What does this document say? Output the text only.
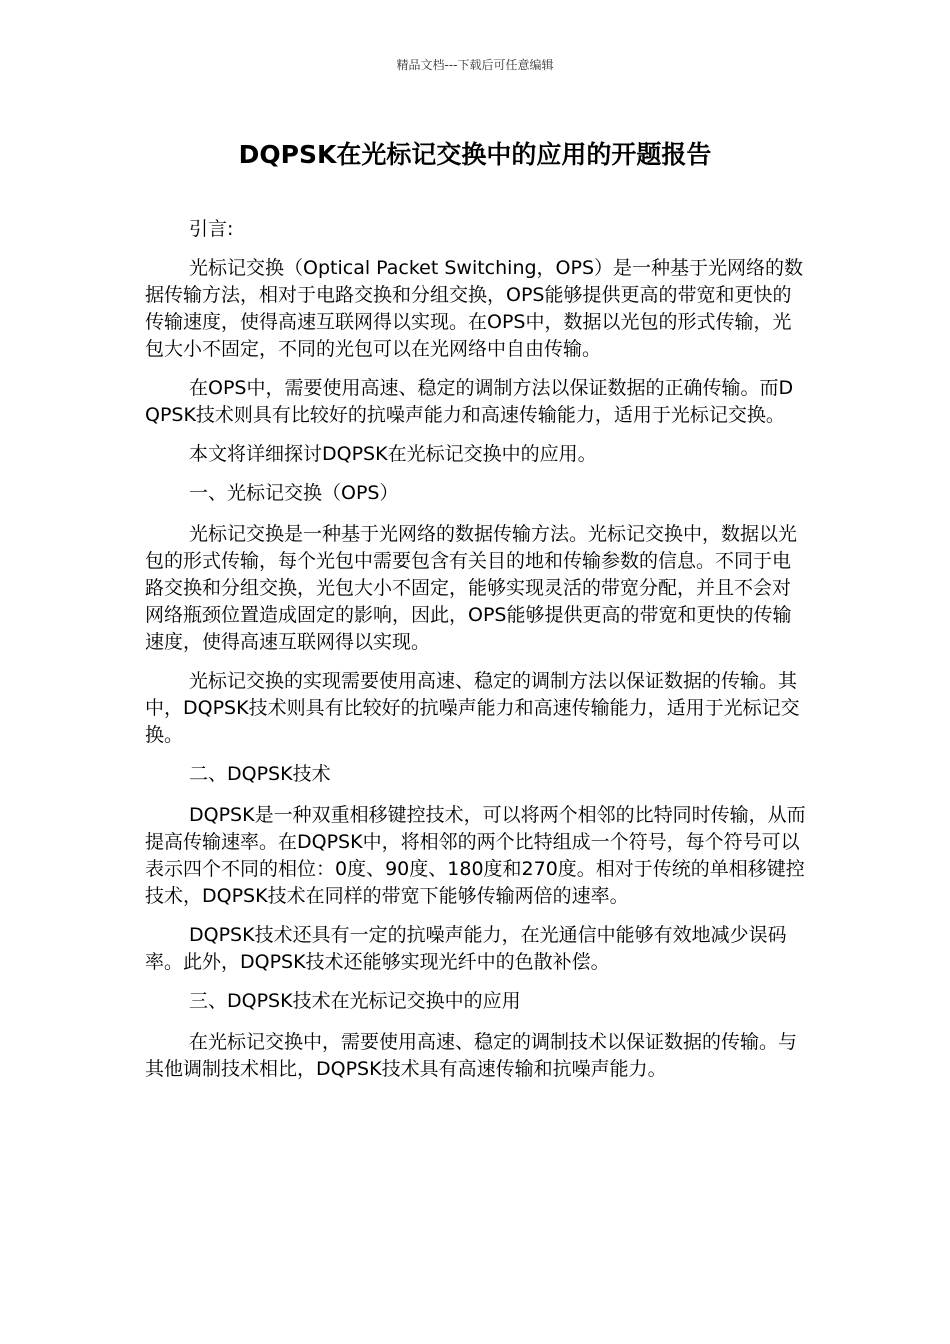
精品文档---下载后可任意编辑
DQPSK在光标记交换中的应用的开题报告

引言:

光标记交换（Optical Packet Switching，OPS）是一种基于光网络的数据传输方法，相对于电路交换和分组交换，OPS能够提供更高的带宽和更快的传输速度，使得高速互联网得以实现。在OPS中，数据以光包的形式传输，光包大小不固定，不同的光包可以在光网络中自由传输。

在OPS中，需要使用高速、稳定的调制方法以保证数据的正确传输。而DQPSK技术则具有比较好的抗噪声能力和高速传输能力，适用于光标记交换。

本文将详细探讨DQPSK在光标记交换中的应用。

一、光标记交换（OPS）

光标记交换是一种基于光网络的数据传输方法。光标记交换中，数据以光包的形式传输，每个光包中需要包含有关目的地和传输参数的信息。不同于电路交换和分组交换，光包大小不固定，能够实现灵活的带宽分配，并且不会对网络瓶颈位置造成固定的影响，因此，OPS能够提供更高的带宽和更快的传输速度，使得高速互联网得以实现。

光标记交换的实现需要使用高速、稳定的调制方法以保证数据的传输。其中，DQPSK技术则具有比较好的抗噪声能力和高速传输能力，适用于光标记交换。

二、DQPSK技术

DQPSK是一种双重相移键控技术，可以将两个相邻的比特同时传输，从而提高传输速率。在DQPSK中，将相邻的两个比特组成一个符号，每个符号可以表示四个不同的相位：0度、90度、180度和270度。相对于传统的单相移键控技术，DQPSK技术在同样的带宽下能够传输两倍的速率。

DQPSK技术还具有一定的抗噪声能力，在光通信中能够有效地减少误码率。此外，DQPSK技术还能够实现光纤中的色散补偿。

三、DQPSK技术在光标记交换中的应用

在光标记交换中，需要使用高速、稳定的调制技术以保证数据的传输。与其他调制技术相比，DQPSK技术具有高速传输和抗噪声能力。
